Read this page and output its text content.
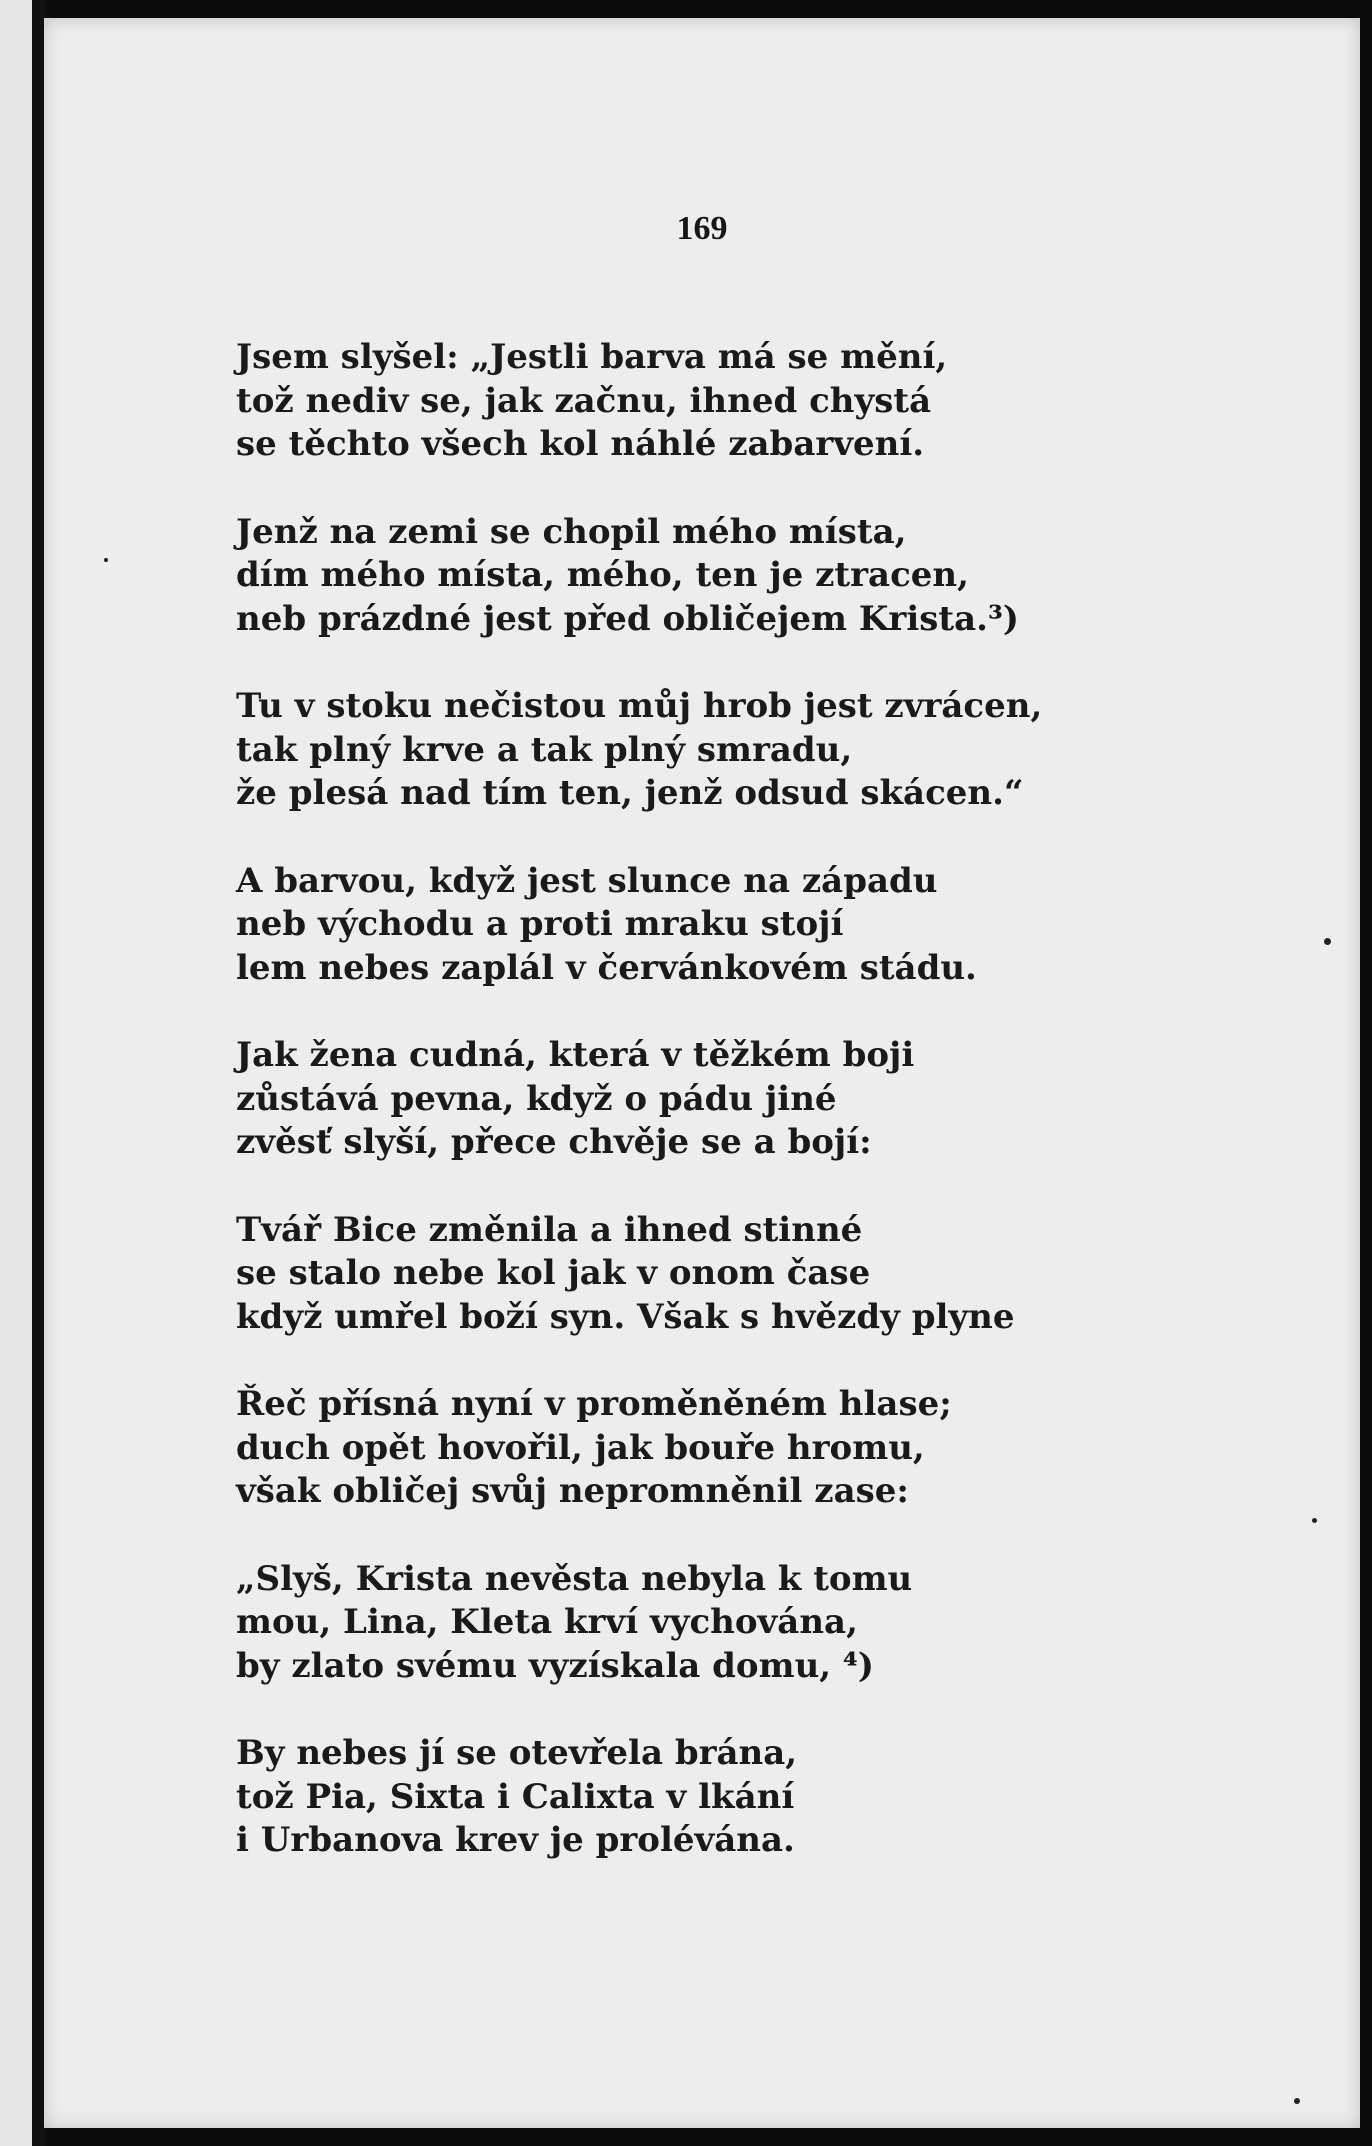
169
Jsem slyšel: „Jestli barva má se mění,
tož nediv se, jak začnu, ihned chystá
se těchto všech kol náhlé zabarvení.
Jenž na zemi se chopil mého místa,
dím mého místa, mého, ten je ztracen,
neb prázdné jest před obličejem Krista.³)
Tu v stoku nečistou můj hrob jest zvrácen,
tak plný krve a tak plný smradu,
že plesá nad tím ten, jenž odsud skácen.“
A barvou, když jest slunce na západu
neb východu a proti mraku stojí
lem nebes zaplál v červánkovém stádu.
Jak žena cudná, která v těžkém boji
zůstává pevna, když o pádu jiné
zvěsť slyší, přece chvěje se a bojí:
Tvář Bice změnila a ihned stinné
se stalo nebe kol jak v onom čase
když umřel boží syn. Však s hvězdy plyne
Řeč přísná nyní v proměněném hlase;
duch opět hovořil, jak bouře hromu,
však obličej svůj nepromněnil zase:
„Slyš, Krista nevěsta nebyla k tomu
mou, Lina, Kleta krví vychována,
by zlato svému vyzískala domu, ⁴)
By nebes jí se otevřela brána,
tož Pia, Sixta i Calixta v lkání
i Urbanova krev je prolévána.
